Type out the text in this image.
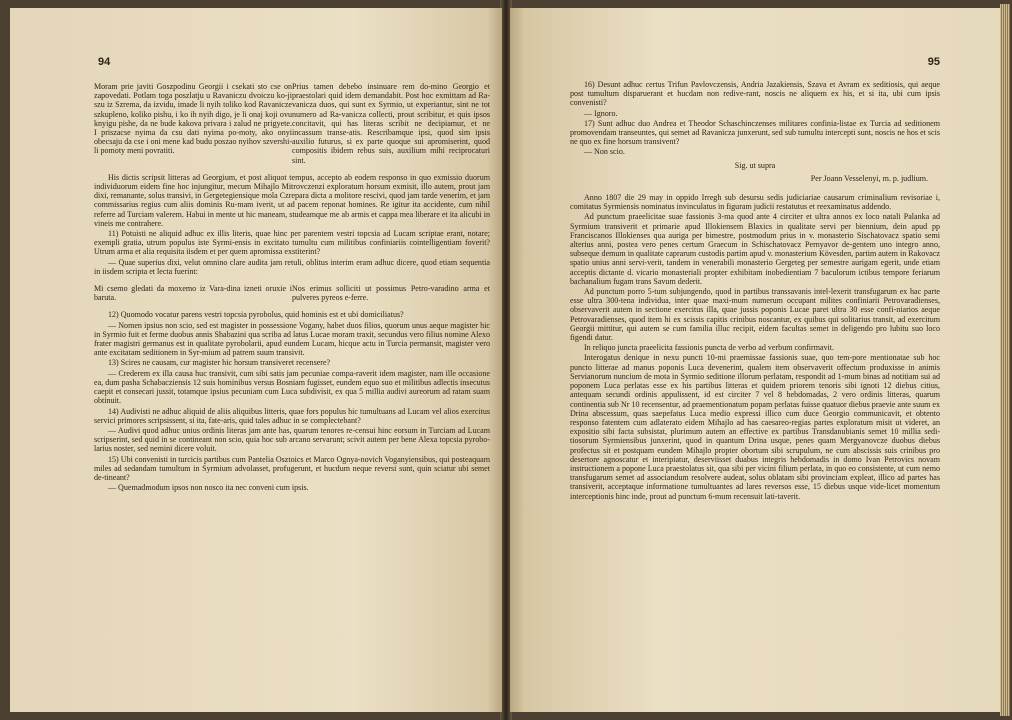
94

Moram prie javiti Goszpodinu Georgii i csekati sto cse on zapovedati. Potlam toga poszlatju u Ravaniczu dvoiczu ko-ji szu iz Szrema, da izvidu, imade li nyih toliko kod Ravanicze szkupleno, koliko pishu, i ko ih nyih digo, je li onaj koji ovu knyigu pishe, da ne bude kakova privara i zalud ne prigyete. I priszacse nyima da csu dati nyima po-moty, ako onyi obecsaju da cse i oni mene kad budu poszao nyihov szvershi-li pomoty meni povratiti.

Prius tamen debebo insinuare rem do-mino Georgio et praestolari quid idem demandabit. Post hoc exmittam ad Ra-vanicza duos, qui sunt ex Syrmio, ut experiantur, sint ne tot numero ad Ra-vanicza collecti, prout scribitur, et quis ipsos concitavit, qui has literas scribit ne decipiamur, et ne incassum transe-atis. Rescribamque ipsi, quod sim ipsis auxilio futurus, si ex parte quoque sui apromiserint, quod compositis ibidem rebus suis, auxilium mihi reciprocaturi sint.

His dictis scripsit litteras ad Georgium, et post aliquot tempus, accepto ab eodem responso in quo exmissio duorum individuorum eidem fine hoc injungitur, mecum Mihajlo Mitrovczenzi exploratum horsum exmisit, illo autem, prout jam dixi, remanante, solus transivi, in Gergetegiensique mola Czrepara dicta a molitore rescivi, quod jam tarde venerim, et jam commissarius regius cum aliis dominis Ru-mam iverit, ut ad pacem reponat homines. Re igitur ita accidente, cum nihil referre ad Turciam valerem. Habui in mente ut hic maneam, studeamque me ab armis et cappa mea liberare et ita alicubi in vineis me contrahere.

11) Potuisti ne aliquid adhuc ex illis literis, quae hinc per parentem vestri topcsia ad Lucam scriptae erant, notare; exempli gratia, utrum populus iste Syrmi-ensis in excitato tumultu cum militibus confiniariis cointelligentiam foverit? Utrum arma et alia requisita iisdem et per quem apromissa exstiterint?

— Quae superius dixi, velut omnino clare audita jam retuli, oblitus interim eram adhuc dicere, quod etiam sequentia in iisdem scripta et lecta fuerint:

Mi csemo gledati da moxemo iz Vara-dina izneti oruxie i baruta.

Nos erimus solliciti ut possimus Petro-varadino arma et pulveres pyreos e-ferre.

12) Quomodo vocatur parens vestri topcsia pyrobolus, quid hominis est et ubi domiciliatus?

— Nomen ipsius non scio, sed est magister in possessione Vogany, habet duos filios, quorum unus aeque magister hic in Syrmio fuit et ferme duobus annis Shabazini qua scriba ad latus Lucae moram traxit, secundus vero filius nomine Alexo frater magistri germanus est in qualitate pyrobolarii, apud eundem Lucam, hicque actu in Turcia permansit, magister vero ante excitatam seditionem in Syr-mium ad patrem suum transivit.

13) Scires ne causam, cur magister hic horsum transiveret recensere?

— Crederem ex illa causa huc transivit, cum sibi satis jam pecuniae compa-raverit idem magister, nam ille occasione ea, dum pasha Schabacziensis 12 suis hominibus versus Bosniam fugisset, eundem equo suo et militibus adlectis insecutus caepit et consecari jussit, totamque ipsius pecuniam cum Luca subdivisit, ex qua 5 millia audivi aureorum ad ratam suam obtinuit.

14) Audivisti ne adhuc aliquid de aliis aliquibus litteris, quae fors populus hic tumultuans ad Lucam vel alios exercitus servici primores scripsissent, si ita, fate-aris, quid tales adhuc in se complectebant?

— Audivi quod adhuc unius ordinis literas jam ante has, quarum tenores re-censui hinc eorsum in Turciam ad Lucam scripserint, sed quid in se contineant non scio, quia hoc sub arcano servarunt; scivit autem per bene Alexa topcsia pyrobo-larius noster, sed nemini dicere voluit.

15) Ubi convenisti in turcicis partibus cum Pantelia Osztoics et Marco Ognya-novich Voganyiensibus, qui posteaquam miles ad sedandam tumultum in Syrmium advolasset, profugerunt, et hucdum neque reversi sunt, quin sciatur ubi semet de-tineant?

— Quemadmodum ipsos non nosco ita nec conveni cum ipsis.

95

16) Desunt adhuc certus Trifun Pavlovczensis, Andria Jazakiensis, Szava et Avram ex seditiosis, qui aeque post tumultum disparuerant et hucdam non redive-rant, noscis ne aliquem ex his, et si ita, ubi cum ipsis convenisti?

— Ignoro.

17) Sunt adhuc duo Andrea et Theodor Schaschinczenses militares confinia-listae ex Turcia ad seditionem promovendam transeuntes, qui semet ad Ravanicza junxerunt, sed sub tumultu intercepti sunt, noscis ne hos et scis ne quo ex fine horsum transivent?

— Non scio.

Sig. ut supra

Per Joann Vesselenyi, m. p. judlium.

Anno 1807 die 29 may in oppido Irregh sub desursu sedis judiciariae causarum criminalium revisoriae i, comitatus Syrmiensis nominatus invinculatus in figuram judicii restatutus et reexaminatus addendo.

Ad punctum praeelicitae suae fassionis 3-ma quod ante 4 circiter et ultra annos ex loco natali Palanka ad Syrmium transiverit et primarie apud Illokiensem Blaxics in qualitate servi per biennium, dein apud pp Franciscanos Illokienses qua auriga per bimestre, postmodum prius in v. monasterio Sischatovacz spatio semi alterius anni, postea vero penes certum Graecum in Schischatovacz Pernyavor de-gentem uno integro anno, subseque demum in qualitate caprarum custodis partim apud v. monasterium Kövesden, partim autem in Rakovacz spatio unius anni servi-verit, tandem in venerabili monasterio Gergeteg per semestre aurigam egerit, unde etiam acceptis dictante d. vicario monasteriali propter exhibitam inobedientiam 7 baculorum ictibus tempore feriarum bachanalium fugam trans Savum dederit.

Ad punctum porro 5-tum subjungendo, quod in partibus transsavanis intel-lexerit transfugarum ex hac parte esse ultra 300-tena individua, inter quae maxi-mum numerum occupant milites confiniarii Petrovaradienses, observaverit autem in sectione exercitus illa, quae jussis poponis Lucae paret ultra 30 esse confi-niarios aeque Petrovaradienses, quod item hi ex scissis capitis crinibus noscantur, ex quibus qui solitarius transit, ad exercitum Georgii mittitur, qui autem se cum familia illuc recipit, eidem facultas semet in deligendo pro lubitu suo loco figendi datur.

In reliquo juncta praeelicita fassionis puncta de verbo ad verbum confirmavit.

Interogatus denique in nexu puncti 10-mi praemissae fassionis suae, quo tem-pore mentionatae sub hoc puncto litterae ad manus poponis Luca devenerint, qualem item observaverit offectum produxisse in animis Servianorum nuncium de mota in Syrmio seditione illorum perlatam, respondit ad 1-mum binas ad notitiam sui ad poponem Luca perlatas esse ex his partibus litteras et quidem priorem tenoris sibi ignoti 12 diebus citius, antequam secundi ordinis appulissent, id est circiter 7 vel 8 hebdomadas, 2 vero ordinis litteras, quarum continentia sub Nr 10 recensentur, ad praementionatum popam perlatas fuisse quatuor diebus praevie ante suum ex Drina abscessum, quas saepefatus Luca medio expressi illico cum duce Georgio communicavit, et obtento responso fatentem cum adlaterato eidem Mihajlo ad has caesareo-regias partes exploratum misit ut videret, an expositio sibi facta subsistat, plurimum autem an effective ex partibus Transdanubianis semet 10 millia sedi-tiosorum Syrmiensibus junxerint, quod in quantum Drina usque, penes quam Mergyanovcze duobus diebus profectus sit et postquam eundem Mihajlo propter obortum sibi scrupulum, ne cum abscissis suis crinibus pro desertore agnoscatur et interipiatur, deserviisset duabus integris hebdomadis in domo Ivan Petrovics novam instructionem a popone Luca praestolatus sit, qua sibi per vicini filium perlata, in quo eo consistente, ut cum nemo transfugarum semet ad associandum resolvere audeat, solus oblatam sibi provinciam expleat, illico ad partes has transiverit, acceptaque informatione tumultuantes ad lares reversos esse, 15 diebus usque vide-licet momentum interceptionis hinc inde, prout ad punctum 6-mum recensuit lati-taverit.
